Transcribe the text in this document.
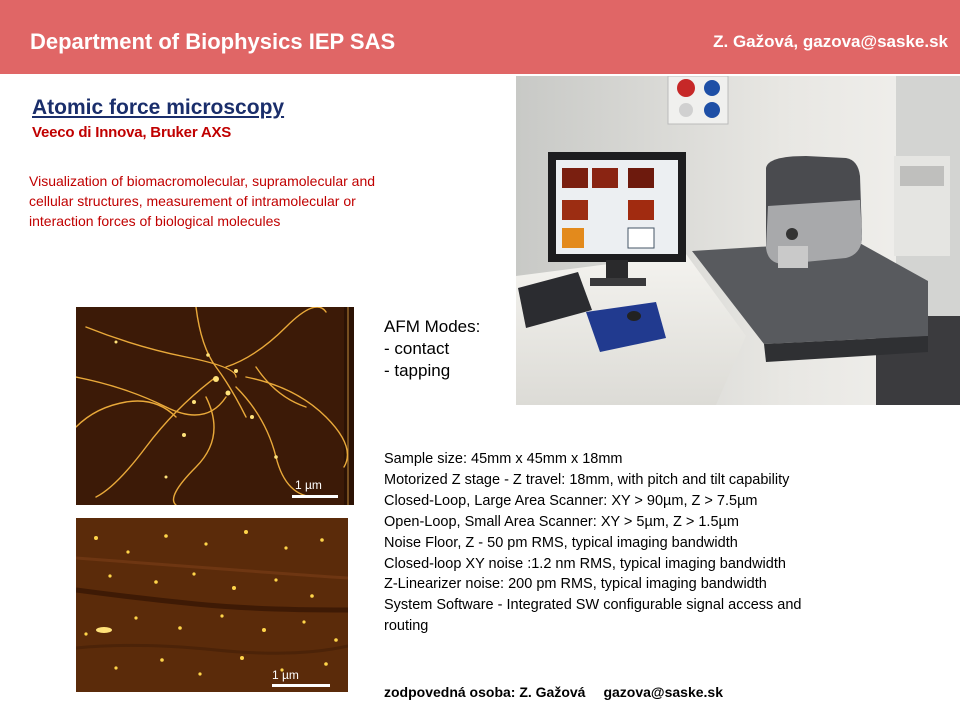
Department of Biophysics IEP SAS	Z. Gažová, gazova@saske.sk
Atomic force microscopy
Veeco di Innova, Bruker AXS
Visualization of biomacromolecular, supramolecular and
cellular structures, measurement of intramolecular or
interaction forces of biological molecules
1 µm
1 µm
AFM Modes:
- contact
- tapping
Sample size: 45mm x 45mm x 18mm
Motorized Z stage - Z travel: 18mm, with pitch and tilt capability
Closed-Loop, Large Area Scanner: XY > 90µm, Z > 7.5µm
Open-Loop, Small Area Scanner: XY > 5µm, Z > 1.5µm
Noise Floor, Z - 50 pm RMS, typical imaging bandwidth
Closed-loop XY noise :1.2 nm RMS, typical imaging bandwidth
Z-Linearizer noise: 200 pm RMS, typical imaging bandwidth
System Software - Integrated SW configurable signal access and
routing
zodpovedná osoba: Z. Gažová gazova@saske.sk
